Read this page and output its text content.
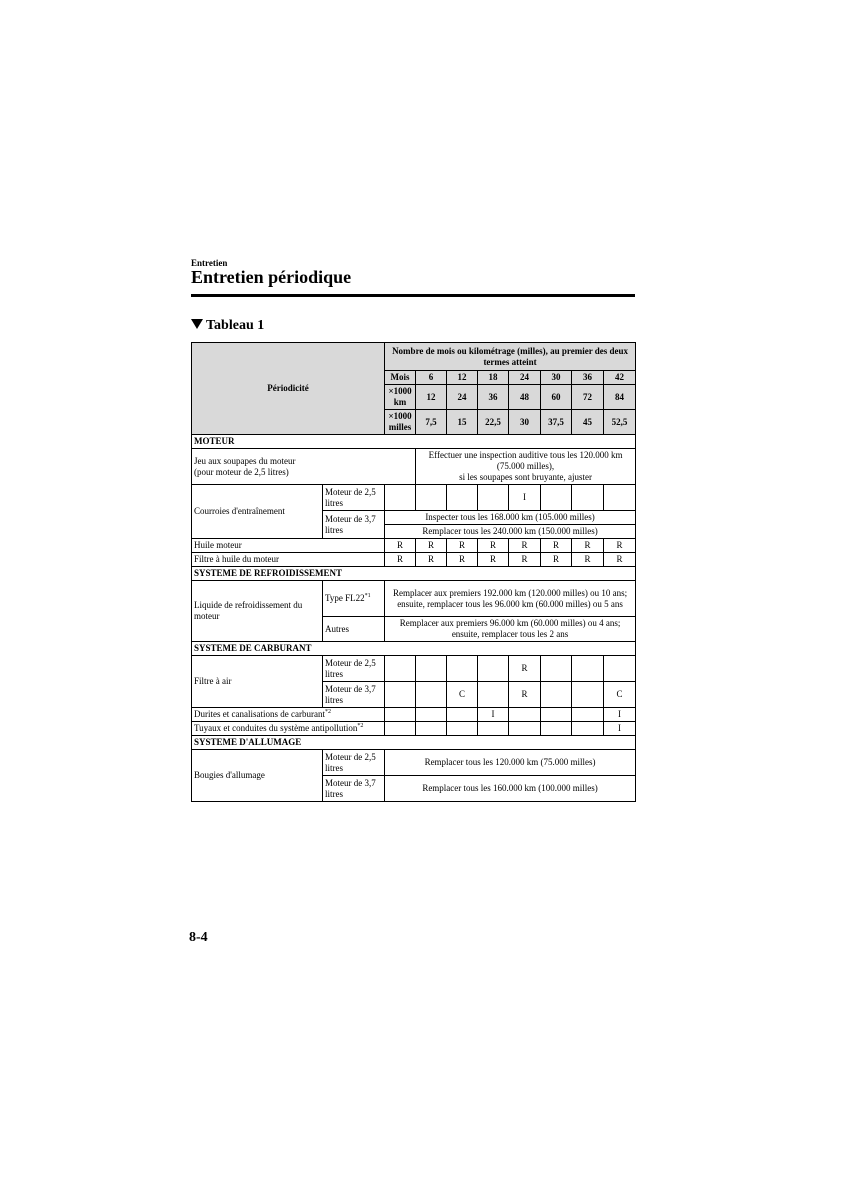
Entretien
Entretien périodique
Tableau 1
Périodicité		Nombre de mois ou kilométrage (milles), au premier des deux termes atteint							
		Mois	6	12	18	24	30	36	42
		×1000 km	12	24	36	48	60	72	84
		×1000 milles	7,5	15	22,5	30	37,5	45	52,5
MOTEUR									
Jeu aux soupapes du moteur
(pour moteur de 2,5 litres)			Effectuer une inspection auditive tous les 120.000 km
(75.000 milles),
si les soupapes sont bruyante, ajuster						
Courroies d'entraînement	Moteur de 2,5 litres					I			
	Moteur de 3,7 litres	Inspecter tous les 168.000 km (105.000 milles)							
		Remplacer tous les 240.000 km (150.000 milles)							
Huile moteur		R	R	R	R	R	R	R	R
Filtre à huile du moteur		R	R	R	R	R	R	R	R
SYSTEME DE REFROIDISSEMENT									
Liquide de refroidissement du moteur	Type FL22$^{*1}$	Remplacer aux premiers 192.000 km (120.000 milles) ou 10 ans; ensuite, remplacer tous les 96.000 km (60.000 milles) ou 5 ans							
	Autres	Remplacer aux premiers 96.000 km (60.000 milles) ou 4 ans; ensuite, remplacer tous les 2 ans							
SYSTEME DE CARBURANT									
Filtre à air	Moteur de 2,5 litres					R			
	Moteur de 3,7 litres			C		R			C
Durites et canalisations de carburant$^{*2}$					I				I
Tuyaux et conduites du système antipollution$^{*2}$									I
SYSTEME D'ALLUMAGE									
Bougies d'allumage	Moteur de 2,5 litres	Remplacer tous les 120.000 km (75.000 milles)							
	Moteur de 3,7 litres	Remplacer tous les 160.000 km (100.000 milles)							
8-4
